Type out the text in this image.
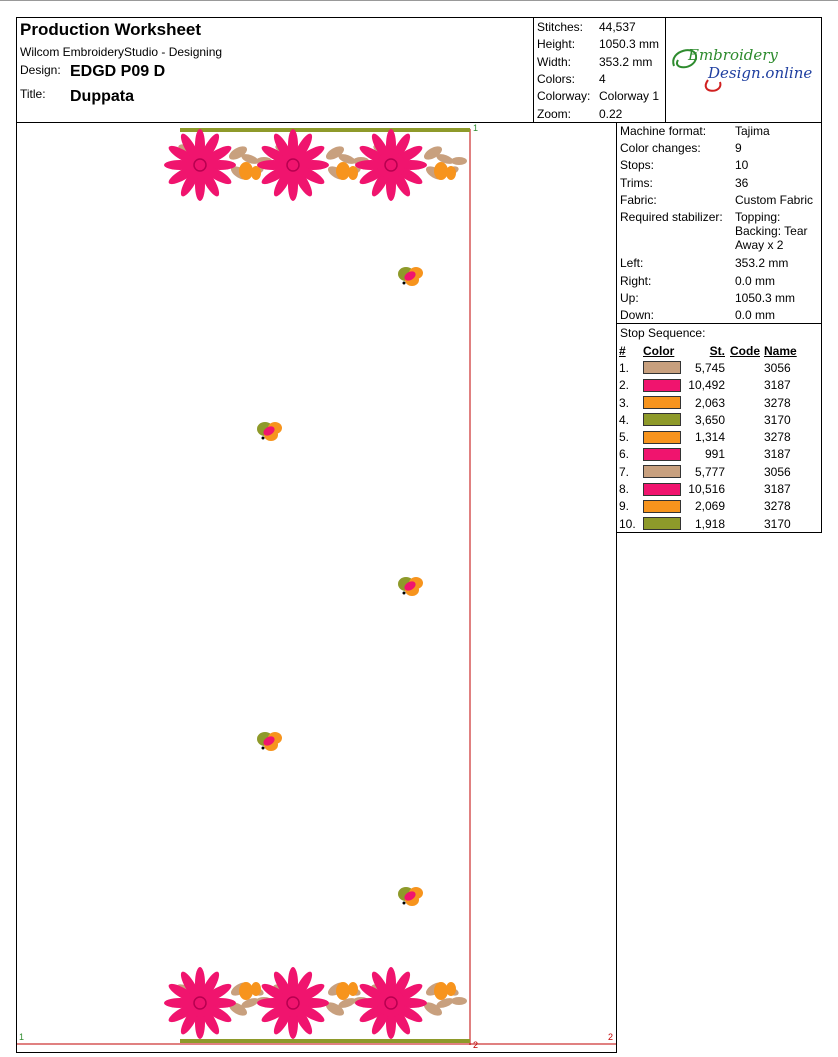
Production Worksheet
Wilcom EmbroideryStudio - Designing
Design: EDGD P09 D
Title: Duppata
Stitches: 44,537
Height: 1050.3 mm
Width: 353.2 mm
Colors: 4
Colorway: Colorway 1
Zoom: 0.22
Embroidery
Design.online
Machine format: Tajima
Color changes:	9
Stops:	10
Trims:	36
Fabric:	Custom Fabric
Required stabilizer: Topping:
Backing: Tear
Away x 2
Left:	353.2 mm
Right:	0.0 mm
Up:	1050.3 mm
Down:	0.0 mm
Stop Sequence:
#	Color	St.	Code	Name
1.		5,745		3056
2.		10,492		3187
3.		2,063		3278
4.		3,650		3170
5.		1,314		3278
6.		991		3187
7.		5,777		3056
8.		10,516		3187
9.		2,069		3278
10.		1,918		3170
1
1	2
2
